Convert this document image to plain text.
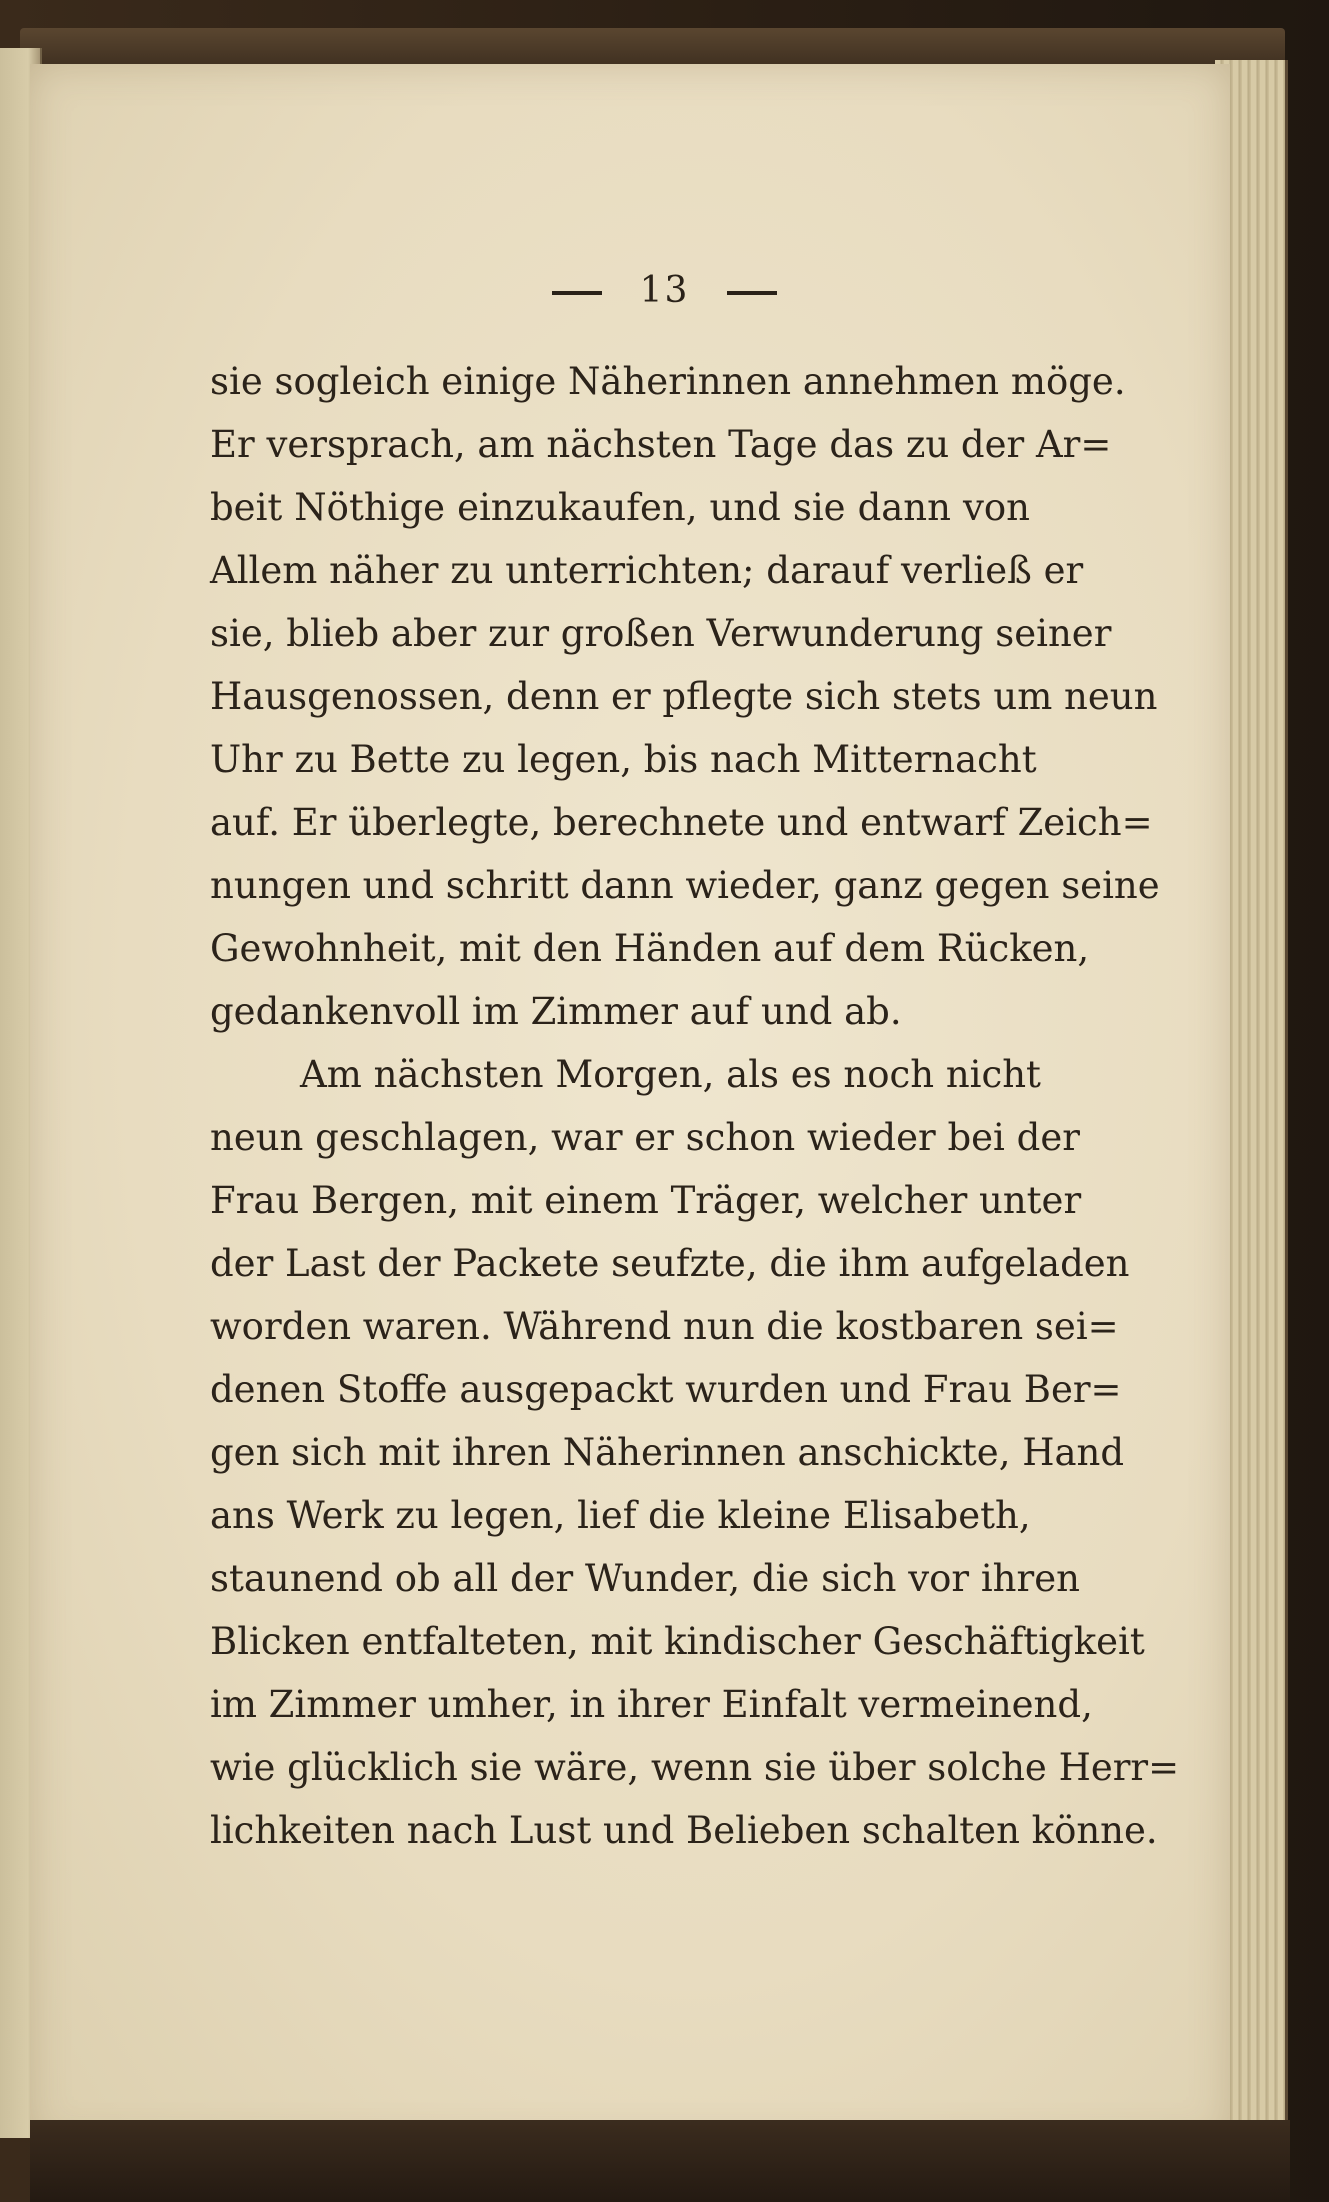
13
sie sogleich einige Näherinnen annehmen möge.
Er versprach, am nächsten Tage das zu der Ar=
beit Nöthige einzukaufen, und sie dann von
Allem näher zu unterrichten; darauf verließ er
sie, blieb aber zur großen Verwunderung seiner
Hausgenossen, denn er pflegte sich stets um neun
Uhr zu Bette zu legen, bis nach Mitternacht
auf. Er überlegte, berechnete und entwarf Zeich=
nungen und schritt dann wieder, ganz gegen seine
Gewohnheit, mit den Händen auf dem Rücken,
gedankenvoll im Zimmer auf und ab.
Am nächsten Morgen, als es noch nicht
neun geschlagen, war er schon wieder bei der
Frau Bergen, mit einem Träger, welcher unter
der Last der Packete seufzte, die ihm aufgeladen
worden waren. Während nun die kostbaren sei=
denen Stoffe ausgepackt wurden und Frau Ber=
gen sich mit ihren Näherinnen anschickte, Hand
ans Werk zu legen, lief die kleine Elisabeth,
staunend ob all der Wunder, die sich vor ihren
Blicken entfalteten, mit kindischer Geschäftigkeit
im Zimmer umher, in ihrer Einfalt vermeinend,
wie glücklich sie wäre, wenn sie über solche Herr=
lichkeiten nach Lust und Belieben schalten könne.
